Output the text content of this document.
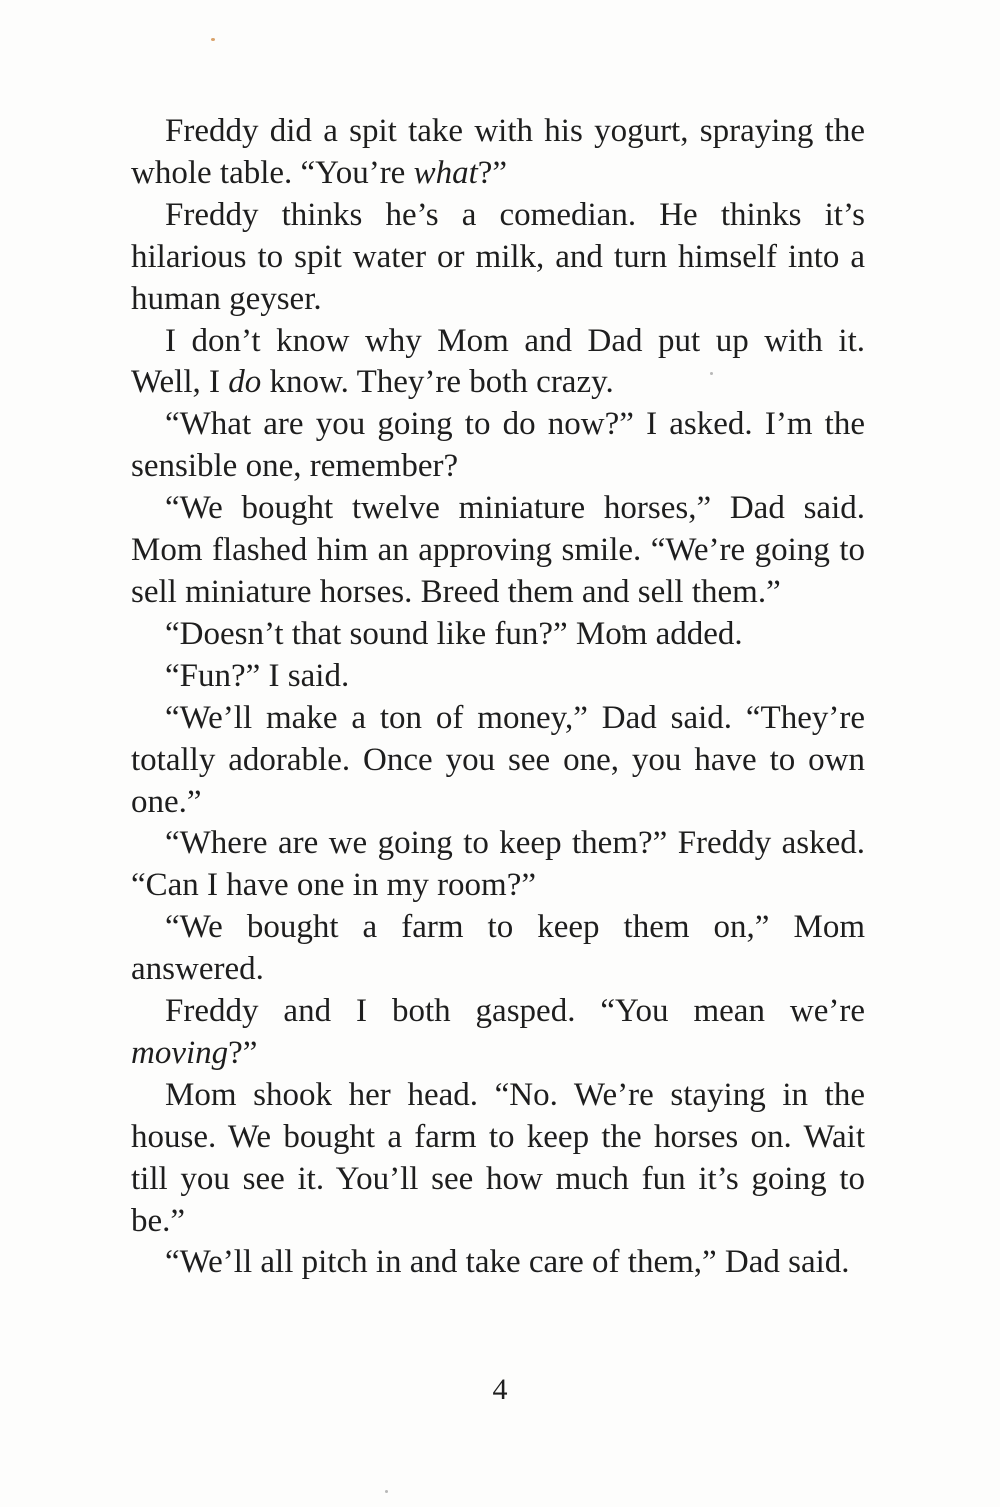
Freddy did a spit take with his yogurt, spraying the whole table. “You’re what?”

Freddy thinks he’s a comedian. He thinks it’s hilarious to spit water or milk, and turn himself into a human geyser.

I don’t know why Mom and Dad put up with it. Well, I do know. They’re both crazy.

“What are you going to do now?” I asked. I’m the sensible one, remember?

“We bought twelve miniature horses,” Dad said. Mom flashed him an approving smile. “We’re going to sell miniature horses. Breed them and sell them.”

“Doesn’t that sound like fun?” Mom added.

“Fun?” I said.

“We’ll make a ton of money,” Dad said. “They’re totally adorable. Once you see one, you have to own one.”

“Where are we going to keep them?” Freddy asked. “Can I have one in my room?”

“We bought a farm to keep them on,” Mom answered.

Freddy and I both gasped. “You mean we’re moving?”

Mom shook her head. “No. We’re staying in the house. We bought a farm to keep the horses on. Wait till you see it. You’ll see how much fun it’s going to be.”

“We’ll all pitch in and take care of them,” Dad said.

4
